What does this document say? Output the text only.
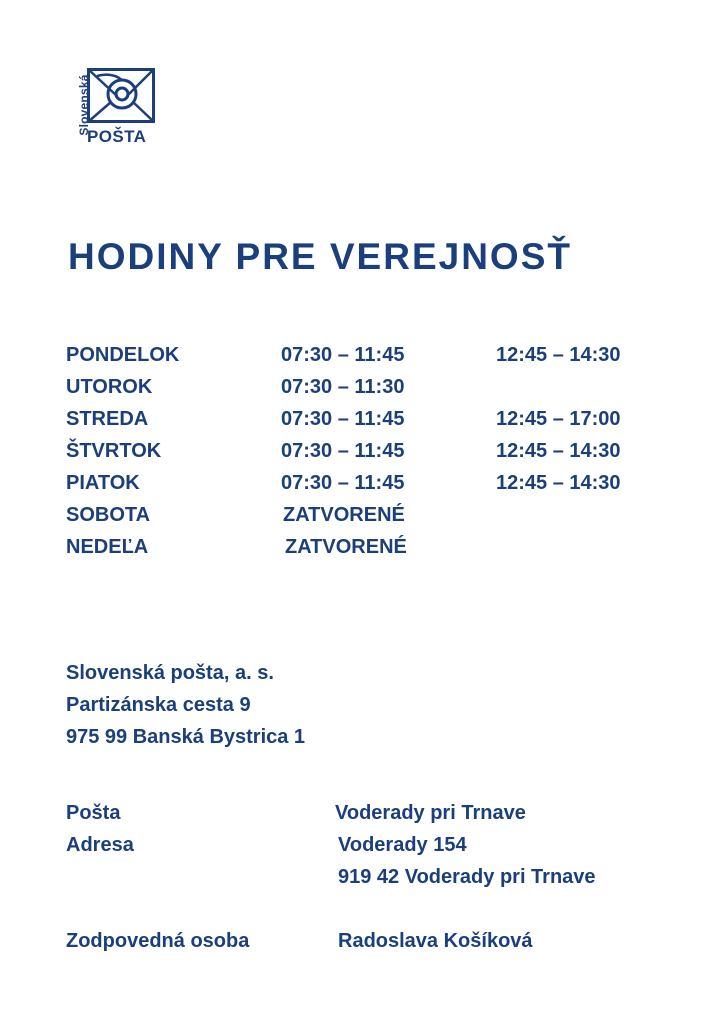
Slovenská
POŠTA
HODINY PRE VEREJNOSŤ
PONDELOK	07:30 – 11:45	12:45 – 14:30
UTOROK	07:30 – 11:30
STREDA	07:30 – 11:45	12:45 – 17:00
ŠTVRTOK	07:30 – 11:45	12:45 – 14:30
PIATOK	07:30 – 11:45	12:45 – 14:30
SOBOTA	ZATVORENÉ
NEDEĽA	ZATVORENÉ
Slovenská pošta, a. s.
Partizánska cesta 9
975 99 Banská Bystrica 1
Pošta	Voderady pri Trnave
Adresa	Voderady 154
919 42 Voderady pri Trnave
Zodpovedná osoba	Radoslava Košíková
